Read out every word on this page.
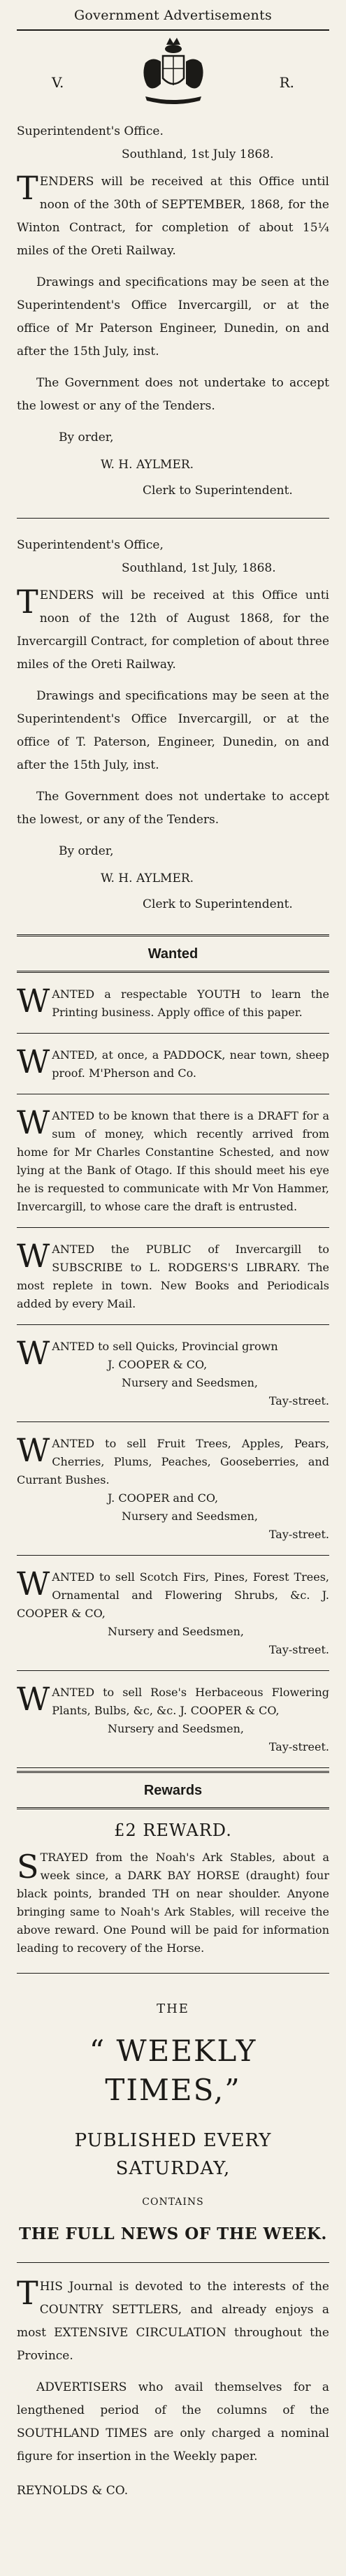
Government Advertisements
V.	R.

Superintendent's Office.

Southland, 1st July 1868.

TENDERS will be received at this Office until noon of the 30th of SEPTEMBER, 1868, for the Winton Contract, for completion of about 15¼ miles of the Oreti Railway.

Drawings and specifications may be seen at the Superintendent's Office Invercargill, or at the office of Mr Paterson Engineer, Dunedin, on and after the 15th July, inst.

The Government does not undertake to accept the lowest or any of the Tenders.

By order,

W. H. AYLMER.

Clerk to Superintendent.

Superintendent's Office,

Southland, 1st July, 1868.

TENDERS will be received at this Office unti noon of the 12th of August 1868, for the Invercargill Contract, for completion of about three miles of the Oreti Railway.

Drawings and specifications may be seen at the Superintendent's Office Invercargill, or at the office of T. Paterson, Engineer, Dunedin, on and after the 15th July, inst.

The Government does not undertake to accept the lowest, or any of the Tenders.

By order,

W. H. AYLMER.

Clerk to Superintendent.

Wanted

WANTED a respectable YOUTH to learn the Printing business. Apply office of this paper.

WANTED, at once, a PADDOCK, near town, sheep proof. M'Pherson and Co.

WANTED to be known that there is a DRAFT for a sum of money, which recently arrived from home for Mr Charles Constantine Schested, and now lying at the Bank of Otago. If this should meet his eye he is requested to communicate with Mr Von Hammer, Invercargill, to whose care the draft is entrusted.

WANTED the PUBLIC of Invercargill to SUBSCRIBE to L. RODGERS'S LIBRARY. The most replete in town. New Books and Periodicals added by every Mail.

WANTED to sell Quicks, Provincial grown

J. COOPER & CO,

Nursery and Seedsmen,

Tay-street.

WANTED to sell Fruit Trees, Apples, Pears, Cherries, Plums, Peaches, Gooseberries, and Currant Bushes.

J. COOPER and CO,

Nursery and Seedsmen,

Tay-street.

WANTED to sell Scotch Firs, Pines, Forest Trees, Ornamental and Flowering Shrubs, &c. J. COOPER & CO,

Nursery and Seedsmen,

Tay-street.

WANTED to sell Rose's Herbaceous Flowering Plants, Bulbs, &c, &c. J. COOPER & CO,

Nursery and Seedsmen,

Tay-street.

Rewards

£2 REWARD.

STRAYED from the Noah's Ark Stables, about a week since, a DARK BAY HORSE (draught) four black points, branded TH on near shoulder. Anyone bringing same to Noah's Ark Stables, will receive the above reward. One Pound will be paid for information leading to recovery of the Horse.

THE

“ WEEKLY TIMES,”

PUBLISHED EVERY SATURDAY,

CONTAINS

THE FULL NEWS OF THE WEEK.

THIS Journal is devoted to the interests of the COUNTRY SETTLERS, and already enjoys a most EXTENSIVE CIRCULATION throughout the Province.

ADVERTISERS who avail themselves for a lengthened period of the columns of the SOUTHLAND TIMES are only charged a nominal figure for insertion in the Weekly paper.

REYNOLDS & CO.
